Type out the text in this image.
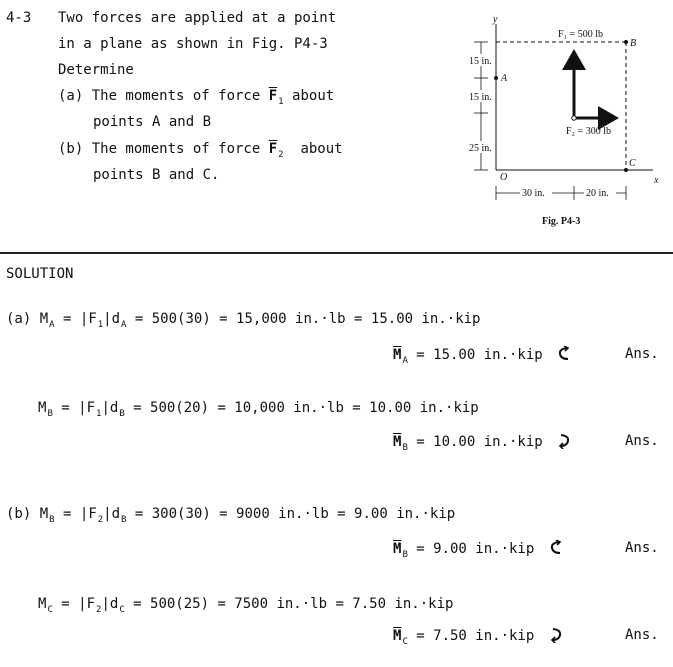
4-3 Two forces are applied at a point
in a plane as shown in Fig. P4-3
Determine
(a) The moments of force $\overline{F}_1$ about
points A and B
(b) The moments of force $\overline{F}_2$ about
points B and C.
y
x
A
B
C
O
F₁ = 500 lb
F₂ = 300 lb
15 in.
15 in.
25 in.
30 in.	20 in.
Fig. P4-3
SOLUTION
(a) $M_A = |F_1|d_A = 500(30) = 15,000$ in.·lb = 15.00 in.·kip
$\overline{M}_A = 15.00$ in.·kip	Ans.
$M_B = |F_1|d_B = 500(20) = 10,000$ in.·lb = 10.00 in.·kip
$\overline{M}_B = 10.00$ in.·kip	Ans.
(b) $M_B = |F_2|d_B = 300(30) = 9000$ in.·lb = 9.00 in.·kip
$\overline{M}_B = 9.00$ in.·kip	Ans.
$M_C = |F_2|d_C = 500(25) = 7500$ in.·lb = 7.50 in.·kip
$\overline{M}_C = 7.50$ in.·kip	Ans.
